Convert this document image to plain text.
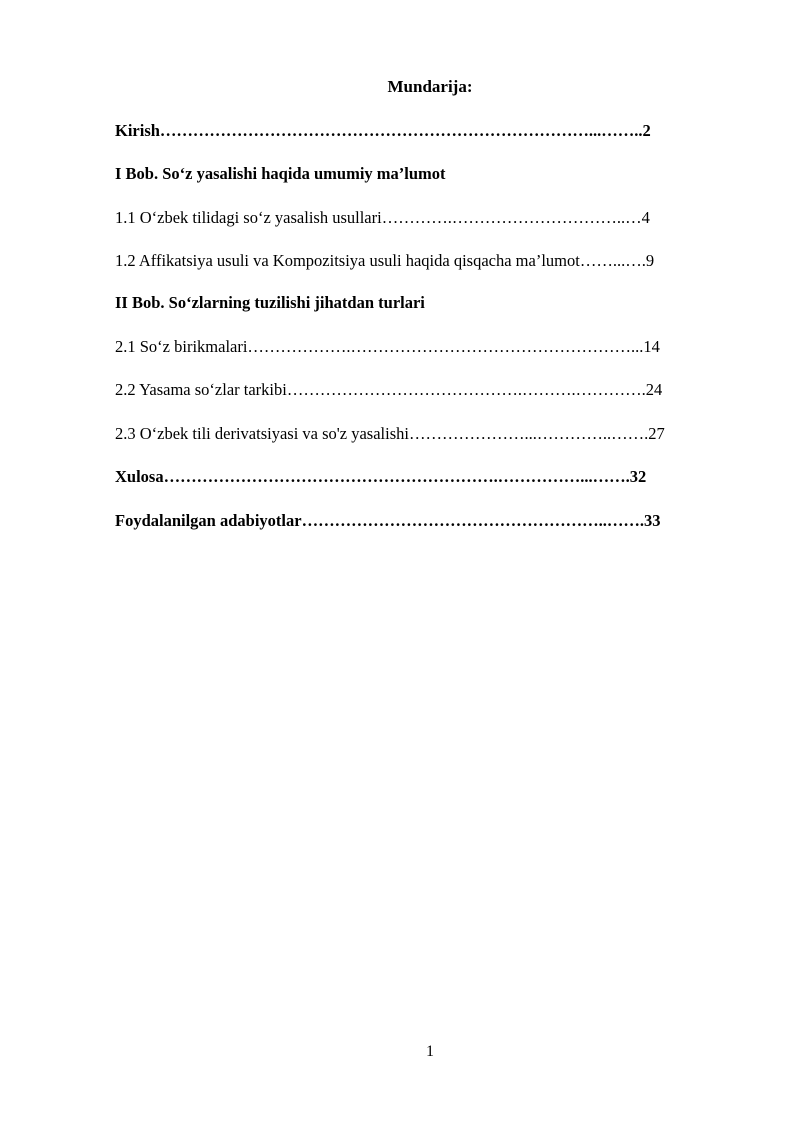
Mundarija:
Kirish……………………………………………………………………...……..2
I Bob. So‘z yasalishi haqida umumiy ma’lumot
1.1 O‘zbek tilidagi so‘z yasalish usullari………….…………………………..…4
1.2 Affikatsiya usuli va Kompozitsiya usuli haqida qisqacha ma’lumot……...….9
II Bob. So‘zlarning tuzilishi jihatdan turlari
2.1 So‘z birikmalari……………….……………………………………………...14
2.2 Yasama so‘zlar tarkibi…………………………………….……….………….24
2.3 O‘zbek tili derivatsiyasi va so'z yasalishi…………………...…………..…….27
Xulosa…………………………………………………….……………...…….32
Foydalanilgan adabiyotlar………………………………………………..…….33
1
